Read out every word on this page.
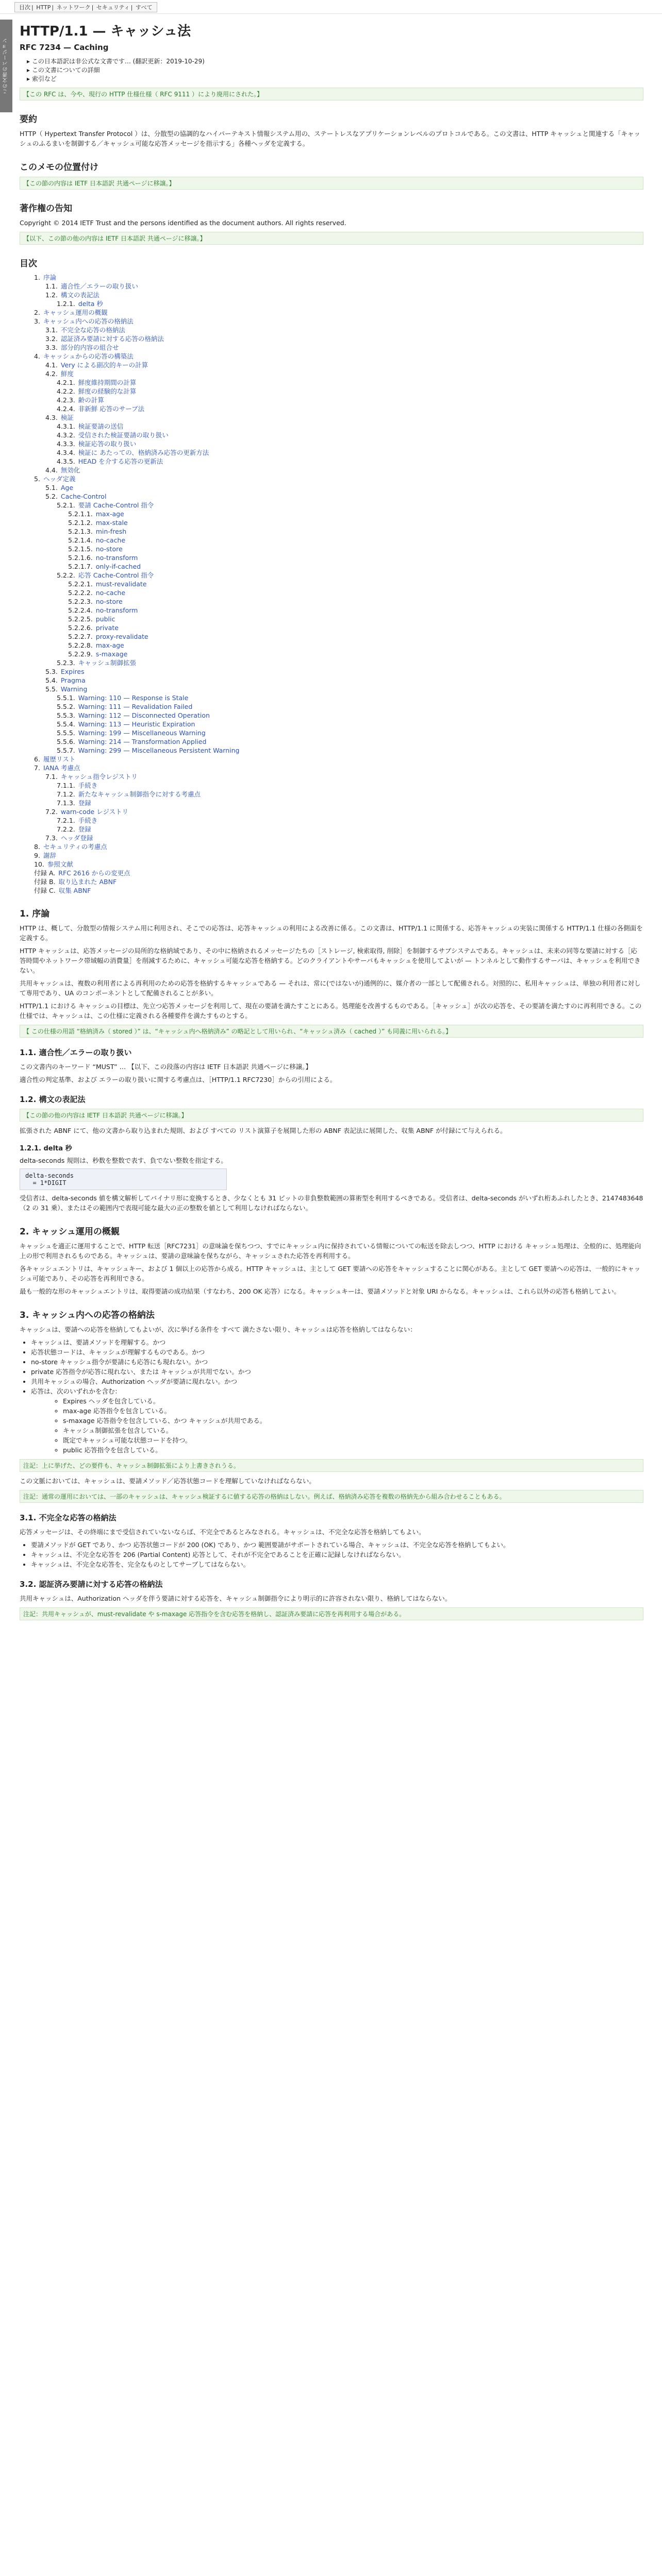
目次 | HTTP | ネットワーク | セキュリティ | すべて
この文書のバージョン
HTTP/1.1 — キャッシュ法
RFC 7234 — Caching
▸ この日本語訳は非公式な文書です… (翻訳更新：2019-10-29)
▸ この文書についての詳細
▸ 索引など
【この RFC は、今や、現行の HTTP 仕様仕様（ RFC 9111 ）により廃用にされた。】
要約

HTTP（ Hypertext Transfer Protocol ）は、分散型の協調的なハイパーテキスト情報システム用の、ステートレスなアプリケーションレベルのプロトコルである。この文書は、HTTP キャッシュと関連する「キャッシュのふるまいを制御する／キャッシュ可能な応答メッセージを指示する」各種ヘッダを定義する。

このメモの位置付け
【この節の内容は IETF 日本語訳 共通ページに移譲。】
著作権の告知

Copyright © 2014 IETF Trust and the persons identified as the document authors. All rights reserved.

【以下、この節の他の内容は IETF 日本語訳 共通ページに移譲。】
目次
1. 序論
1.1. 適合性／エラーの取り扱い
1.2. 構文の表記法
1.2.1. delta 秒
2. キャッシュ運用の概観
3. キャッシュ内への応答の格納法
3.1. 不完全な応答の格納法
3.2. 認証済み要請に対する応答の格納法
3.3. 部分的内容の組合せ
4. キャッシュからの応答の構築法
4.1. Very による副次的キーの計算
4.2. 鮮度
4.2.1. 鮮度維持期間の計算
4.2.2. 鮮度の経験的な計算
4.2.3. 齢の計算
4.2.4. 非新鮮 応答のサーブ法
4.3. 検証
4.3.1. 検証要請の送信
4.3.2. 受信された検証要請の取り扱い
4.3.3. 検証応答の取り扱い
4.3.4. 検証に あたっての、格納済み応答の更新方法
4.3.5. HEAD を介する応答の更新法
4.4. 無効化
5. ヘッダ定義
5.1. Age
5.2. Cache-Control
5.2.1. 要請 Cache-Control 指令
5.2.1.1. max-age
5.2.1.2. max-stale
5.2.1.3. min-fresh
5.2.1.4. no-cache
5.2.1.5. no-store
5.2.1.6. no-transform
5.2.1.7. only-if-cached
5.2.2. 応答 Cache-Control 指令
5.2.2.1. must-revalidate
5.2.2.2. no-cache
5.2.2.3. no-store
5.2.2.4. no-transform
5.2.2.5. public
5.2.2.6. private
5.2.2.7. proxy-revalidate
5.2.2.8. max-age
5.2.2.9. s-maxage
5.2.3. キャッシュ制御拡張
5.3. Expires
5.4. Pragma
5.5. Warning
5.5.1. Warning: 110 — Response is Stale
5.5.2. Warning: 111 — Revalidation Failed
5.5.3. Warning: 112 — Disconnected Operation
5.5.4. Warning: 113 — Heuristic Expiration
5.5.5. Warning: 199 — Miscellaneous Warning
5.5.6. Warning: 214 — Transformation Applied
5.5.7. Warning: 299 — Miscellaneous Persistent Warning
6. 履歴リスト
7. IANA 考慮点
7.1. キャッシュ指令レジストリ
7.1.1. 手続き
7.1.2. 新たなキャッシュ制御指令に対する考慮点
7.1.3. 登録
7.2. warn-code レジストリ
7.2.1. 手続き
7.2.2. 登録
7.3. ヘッダ登録
8. セキュリティの考慮点
9. 謝辞
10. 参照文献
付録 A. RFC 2616 からの変更点
付録 B. 取り込まれた ABNF
付録 C. 収集 ABNF
1. 序論

HTTP は、概して、分散型の情報システム用に利用され、そこでの応答は、応答キャッシュの利用による改善に係る。この文書は、HTTP/1.1 に関係する、応答キャッシュの実装に関係する HTTP/1.1 仕様の各側面を定義する。

HTTP キャッシュは、応答メッセージの局所的な格納域であり、その中に格納されるメッセージたちの［ストレージ, 検索取得, 削除］を制御するサブシステムである。キャッシュは、未来の同等な要請に対する［応答時間やネットワーク帯域幅の消費量］を削減するために、キャッシュ可能な応答を格納する。どのクライアントやサーバもキャッシュを使用してよいが — トンネルとして動作するサーバは、キャッシュを利用できない。

共用キャッシュは、複数の利用者による再利用のための応答を格納するキャッシュである — それは、常に(ではないが)通例的に、媒介者の一部として配備される。対照的に、私用キャッシュは、単独の利用者に対して専用であり、UA のコンポーネントとして配備されることが多い。

HTTP/1.1 における キャッシュの目標は、先立つ応答メッセージを利用して、現在の要請を満たすことにある。処理能を改善するものである。［キャッシュ］が次の応答を、その要請を満たすのに再利用できる。この仕様では、キャッシュは、この仕様に定義される各種要件を満たすものとする。

【 この仕様の用語 “格納済み（ stored ）” は、“キャッシュ内へ格納済み” の略記として用いられ、“キャッシュ済み（ cached ）” も同義に用いられる。】
1.1. 適合性／エラーの取り扱い

この文書内のキーワード “MUST” … 【以下、この段落の内容は IETF 日本語訳 共通ページに移譲。】

適合性の判定基準、および エラーの取り扱いに関する考慮点は、［HTTP/1.1 RFC7230］からの引用による。

1.2. 構文の表記法
【この節の他の内容は IETF 日本語訳 共通ページに移譲。】

拡張された ABNF にて、他の文書から取り込まれた規則、および すべての リスト演算子を展開した形の ABNF 表記法に展開した、収集 ABNF が付録にて与えられる。

1.2.1. delta 秒

delta-seconds 規則は、秒数を整数で表す、負でない整数を指定する。

delta-seconds
= 1*DIGIT

受信者は、delta-seconds 値を構文解析してバイナリ形に変換するとき、少なくとも 31 ビットの非負整数範囲の算術型を利用するべきである。受信者は、delta-seconds がいずれ桁あふれしたとき、2147483648（2 の 31 乗）、またはその範囲内で表現可能な最大の正の整数を値として利用しなければならない。

2. キャッシュ運用の概観

キャッシュを適正に運用することで、HTTP 転送［RFC7231］の意味論を保ちつつ、すでにキャッシュ内に保持されている情報についての転送を除去しつつ、HTTP における キャッシュ処理は、全般的に、処理能向上の形で利用されるものである。キャッシュは、要請の意味論を保ちながら、キャッシュされた応答を再利用する。

各キャッシュエントリは、キャッシュキー、および 1 個以上の応答から成る。HTTP キャッシュは、主として GET 要請への応答をキャッシュすることに関心がある。主として GET 要請への応答は、一般的にキャッシュ可能であり、その応答を再利用できる。

最も一般的な形のキャッシュエントリは、取得要請の成功結果（すなわち、200 OK 応答）になる。キャッシュキーは、要請メソッドと対象 URI からなる。キャッシュは、これら以外の応答も格納してよい。

3. キャッシュ内への応答の格納法

キャッシュは、要請への応答を格納してもよいが、次に挙げる条件を すべて 満たさない限り、キャッシュは応答を格納してはならない：

• キャッシュは、要請メソッドを理解する。かつ
• 応答状態コードは、キャッシュが理解するものである。かつ
• no-store キャッシュ指令が要請にも応答にも現れない。かつ
• private 応答指令が応答に現れない、または キャッシュが共用でない。かつ
• 共用キャッシュの場合、Authorization ヘッダが要請に現れない。かつ
• 応答は、次のいずれかを含む：
◦ Expires ヘッダを包含している。
◦ max-age 応答指令を包含している。
◦ s-maxage 応答指令を包含している、かつ キャッシュが共用である。
◦ キャッシュ制御拡張を包含している。
◦ 既定でキャッシュ可能な状態コードを持つ。
◦ public 応答指令を包含している。
注記：上に挙げた、どの要件も、キャッシュ制御拡張により上書きされうる。

この文脈においては、キャッシュは、要請メソッド／応答状態コードを理解していなければならない。

注記：通常の運用においては、一部のキャッシュは、キャッシュ検証するに値する応答の格納はしない。例えば、格納済み応答を複数の格納先から組み合わせることもある。
3.1. 不完全な応答の格納法

応答メッセージは、その終端にまで受信されていないならば、不完全であるとみなされる。キャッシュは、不完全な応答を格納してもよい。

• 要請メソッドが GET であり、かつ 応答状態コードが 200 (OK) であり、かつ 範囲要請がサポートされている場合、キャッシュは、不完全な応答を格納してもよい。
• キャッシュは、不完全な応答を 206 (Partial Content) 応答として、それが不完全であることを正確に記録しなければならない。
• キャッシュは、不完全な応答を、完全なものとしてサーブしてはならない。
3.2. 認証済み要請に対する応答の格納法

共用キャッシュは、Authorization ヘッダを伴う要請に対する応答を、キャッシュ制御指令により明示的に許容されない限り、格納してはならない。

注記：共用キャッシュが、must-revalidate や s-maxage 応答指令を含む応答を格納し、認証済み要請に応答を再利用する場合がある。
